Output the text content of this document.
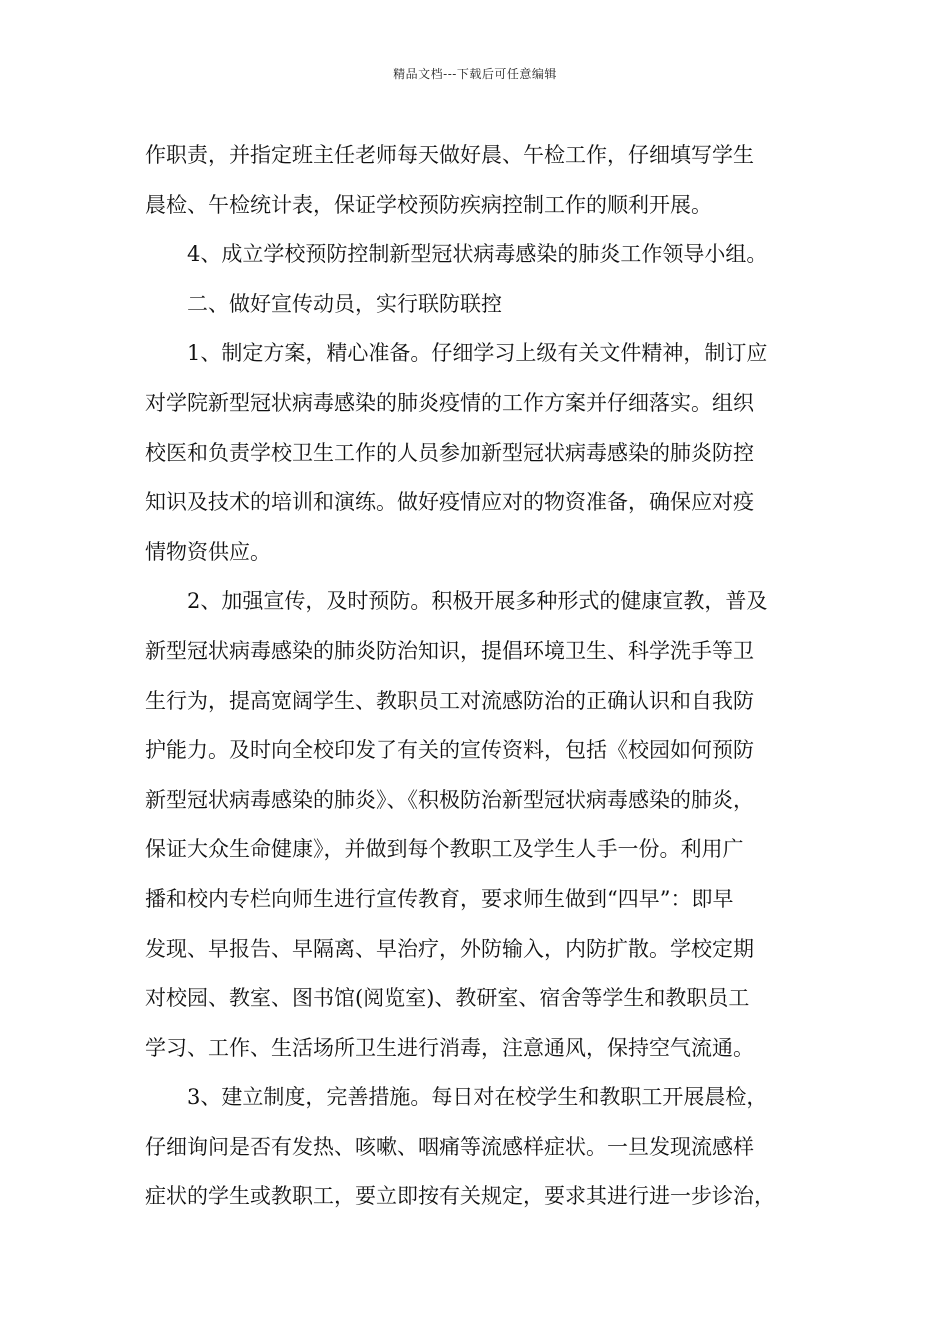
精品文档---下载后可任意编辑
作职责，并指定班主任老师每天做好晨、午检工作，仔细填写学生
晨检、午检统计表，保证学校预防疾病控制工作的顺利开展。
4、成立学校预防控制新型冠状病毒感染的肺炎工作领导小组。
二、做好宣传动员，实行联防联控
1、制定方案，精心准备。仔细学习上级有关文件精神，制订应
对学院新型冠状病毒感染的肺炎疫情的工作方案并仔细落实。组织
校医和负责学校卫生工作的人员参加新型冠状病毒感染的肺炎防控
知识及技术的培训和演练。做好疫情应对的物资准备，确保应对疫
情物资供应。
2、加强宣传，及时预防。积极开展多种形式的健康宣教，普及
新型冠状病毒感染的肺炎防治知识，提倡环境卫生、科学洗手等卫
生行为，提高宽阔学生、教职员工对流感防治的正确认识和自我防
护能力。及时向全校印发了有关的宣传资料，包括《校园如何预防
新型冠状病毒感染的肺炎》、《积极防治新型冠状病毒感染的肺炎，
保证大众生命健康》，并做到每个教职工及学生人手一份。利用广
播和校内专栏向师生进行宣传教育，要求师生做到“四早”：即早
发现、早报告、早隔离、早治疗，外防输入，内防扩散。学校定期
对校园、教室、图书馆(阅览室)、教研室、宿舍等学生和教职员工
学习、工作、生活场所卫生进行消毒，注意通风，保持空气流通。
3、建立制度，完善措施。每日对在校学生和教职工开展晨检，
仔细询问是否有发热、咳嗽、咽痛等流感样症状。一旦发现流感样
症状的学生或教职工，要立即按有关规定，要求其进行进一步诊治，
